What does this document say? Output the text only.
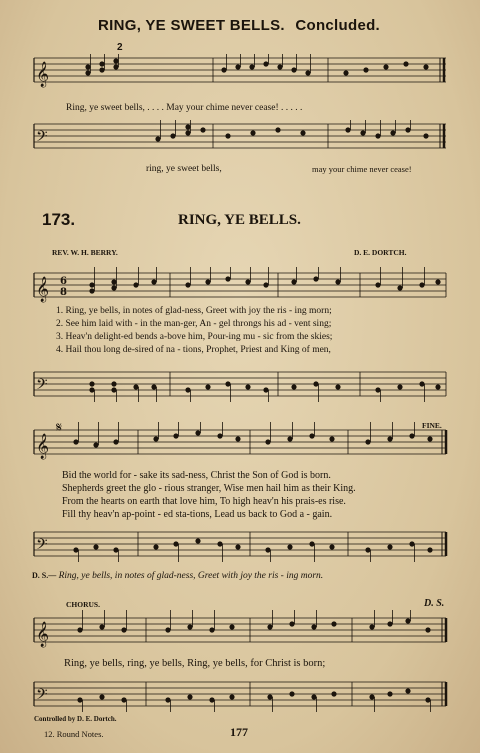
RING, YE SWEET BELLS. Concluded.
2
𝄞
Ring, ye sweet bells, . . . . May your chime never cease! . . . . .
𝄢
ring, ye sweet bells,	may your chime never cease!
173.	RING, YE BELLS.
REV. W. H. BERRY.	D. E. DORTCH.
𝄞 6
8
1. Ring, ye bells, in notes of glad-ness, Greet with joy the ris - ing morn;
2. See him laid with - in the man-ger, An - gel throngs his ad - vent sing;
3. Heav'n delight-ed bends a-bove him, Pour-ing mu - sic from the skies;
4. Hail thou long de-sired of na - tions, Prophet, Priest and King of men,
𝄢
𝄞
𝄋	FINE.
Bid the world for - sake its sad-ness, Christ the Son of God is born.
Shepherds greet the glo - rious stranger, Wise men hail him as their King.
From the hearts on earth that love him, To high heav'n his prais-es rise.
Fill thy heav'n ap-point - ed sta-tions, Lead us back to God a - gain.
𝄢
D. S.— Ring, ye bells, in notes of glad-ness, Greet with joy the ris - ing morn.
CHORUS.	D. S.
𝄞
Ring, ye bells, ring, ye bells, Ring, ye bells, for Christ is born;
𝄢
Controlled by D. E. Dortch.
12. Round Notes.	177
